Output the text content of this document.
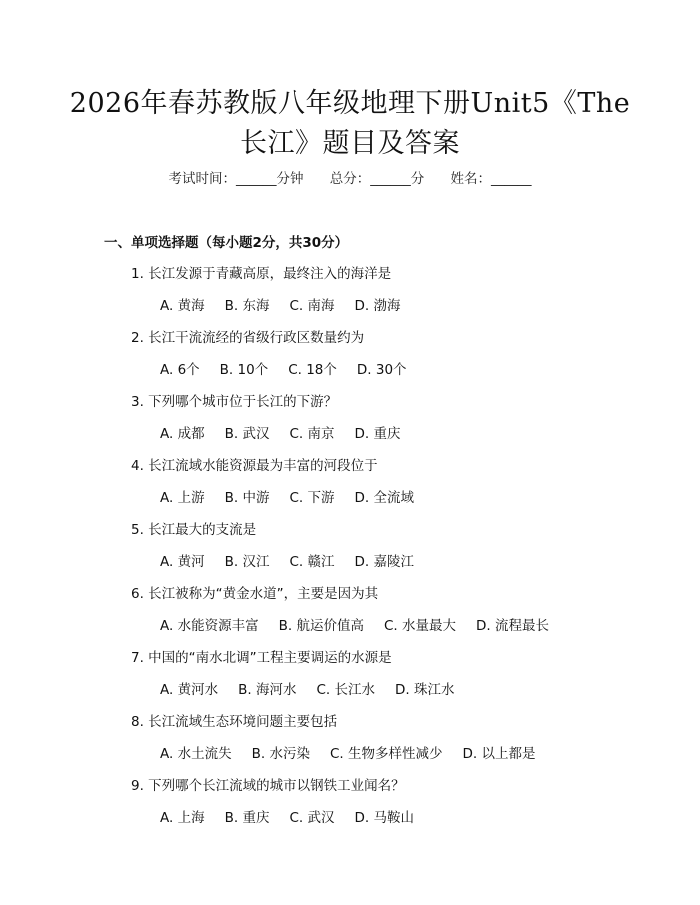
2026年春苏教版八年级地理下册Unit5《The
长江》题目及答案
考试时间：______分钟 总分：______分 姓名：______
一、单项选择题（每小题2分，共30分）
1. 长江发源于青藏高原，最终注入的海洋是
A. 黄海 B. 东海 C. 南海 D. 渤海
2. 长江干流流经的省级行政区数量约为
A. 6个 B. 10个 C. 18个 D. 30个
3. 下列哪个城市位于长江的下游？
A. 成都 B. 武汉 C. 南京 D. 重庆
4. 长江流域水能资源最为丰富的河段位于
A. 上游 B. 中游 C. 下游 D. 全流域
5. 长江最大的支流是
A. 黄河 B. 汉江 C. 赣江 D. 嘉陵江
6. 长江被称为“黄金水道”，主要是因为其
A. 水能资源丰富 B. 航运价值高 C. 水量最大 D. 流程最长
7. 中国的“南水北调”工程主要调运的水源是
A. 黄河水 B. 海河水 C. 长江水 D. 珠江水
8. 长江流域生态环境问题主要包括
A. 水土流失 B. 水污染 C. 生物多样性减少 D. 以上都是
9. 下列哪个长江流域的城市以钢铁工业闻名？
A. 上海 B. 重庆 C. 武汉 D. 马鞍山
